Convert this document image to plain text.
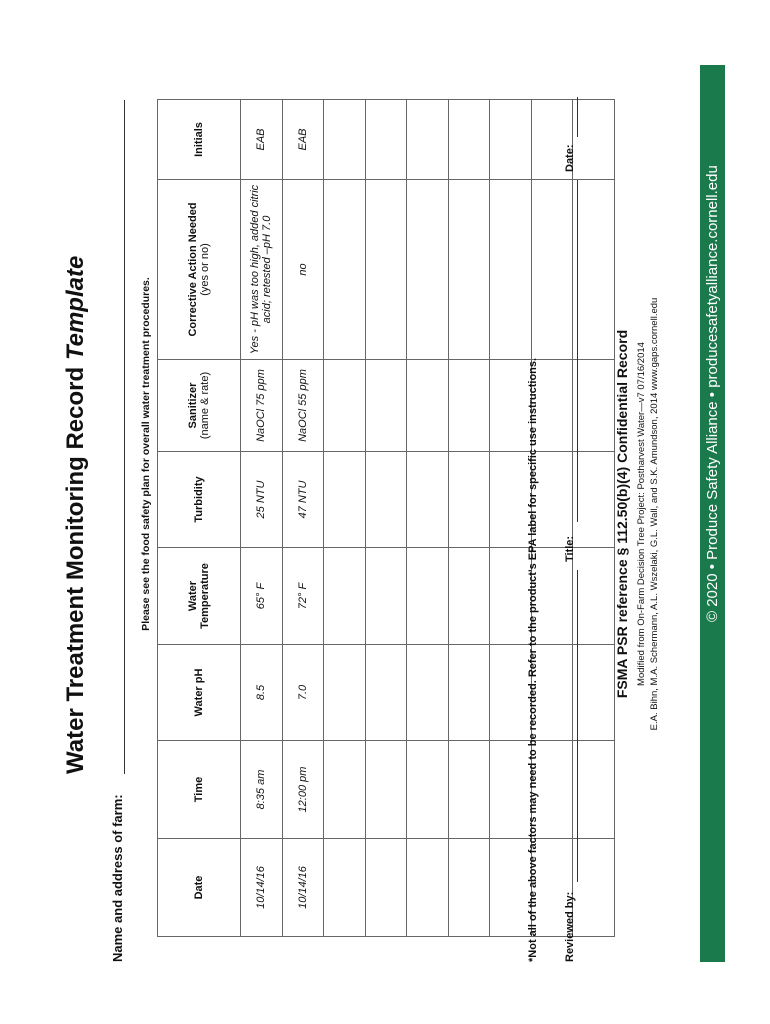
Water Treatment Monitoring Record Template
Name and address of farm:
Please see the food safety plan for overall water treatment procedures.
Date	Time	Water pH	Water Temperature	Turbidity	Sanitizer (name & rate)	Corrective Action Needed (yes or no)	Initials
10/14/16	8:35 am	8.5	65° F	25 NTU	NaOCl 75 ppm	Yes - pH was too high, added citric acid; retested –pH 7.0	EAB
10/14/16	12:00 pm	7.0	72° F	47 NTU	NaOCl 55 ppm	no	EAB

*Not all of the above factors may need to be recorded. Refer to the product's EPA label for specific use instructions. Reviewed by:
Title:
Date:
FSMA PSR reference § 112.50(b)(4) Confidential Record Modified from On-Farm Decision Tree Project: Postharvest Water—v7 07/16/2014 E.A. Bihn, M.A. Schermann, A.L. Wszelaki, G.L. Wall, and S.K. Amundson, 2014 www.gaps.cornell.edu	© 2020 • Produce Safety Alliance • producesafetyalliance.cornell.edu
